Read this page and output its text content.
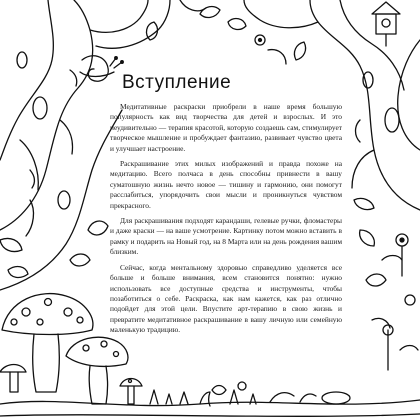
Вступление

Медитативные раскраски приобрели в наше время большую популярность как вид творчества для детей и взрослых. И это неудивительно — терапия красотой, которую создаешь сам, стимулирует творческое мышление и пробуждает фантазию, развивает чувство цвета и улучшает настроение.

Раскрашивание этих милых изображений и правда похоже на медитацию. Всего полчаса в день способны привнести в вашу суматошную жизнь нечто новое — тишину и гармонию, они помогут расслабиться, упорядочить свои мысли и проникнуться чувством прекрасного.

Для раскрашивания подходят карандаши, гелевые ручки, фломастеры и даже краски — на ваше усмотрение. Картинку потом можно вставить в рамку и подарить на Новый год, на 8 Марта или на день рождения вашим близким.

Сейчас, когда ментальному здоровью справедливо уделяется все больше и больше внимания, всем становится понятно: нужно использовать все доступные средства и инструменты, чтобы позаботиться о себе. Раскраска, как нам кажется, как раз отлично подойдет для этой цели. Впустите арт-терапию в свою жизнь и превратите медитативное раскрашивание в вашу личную или семейную маленькую традицию.
